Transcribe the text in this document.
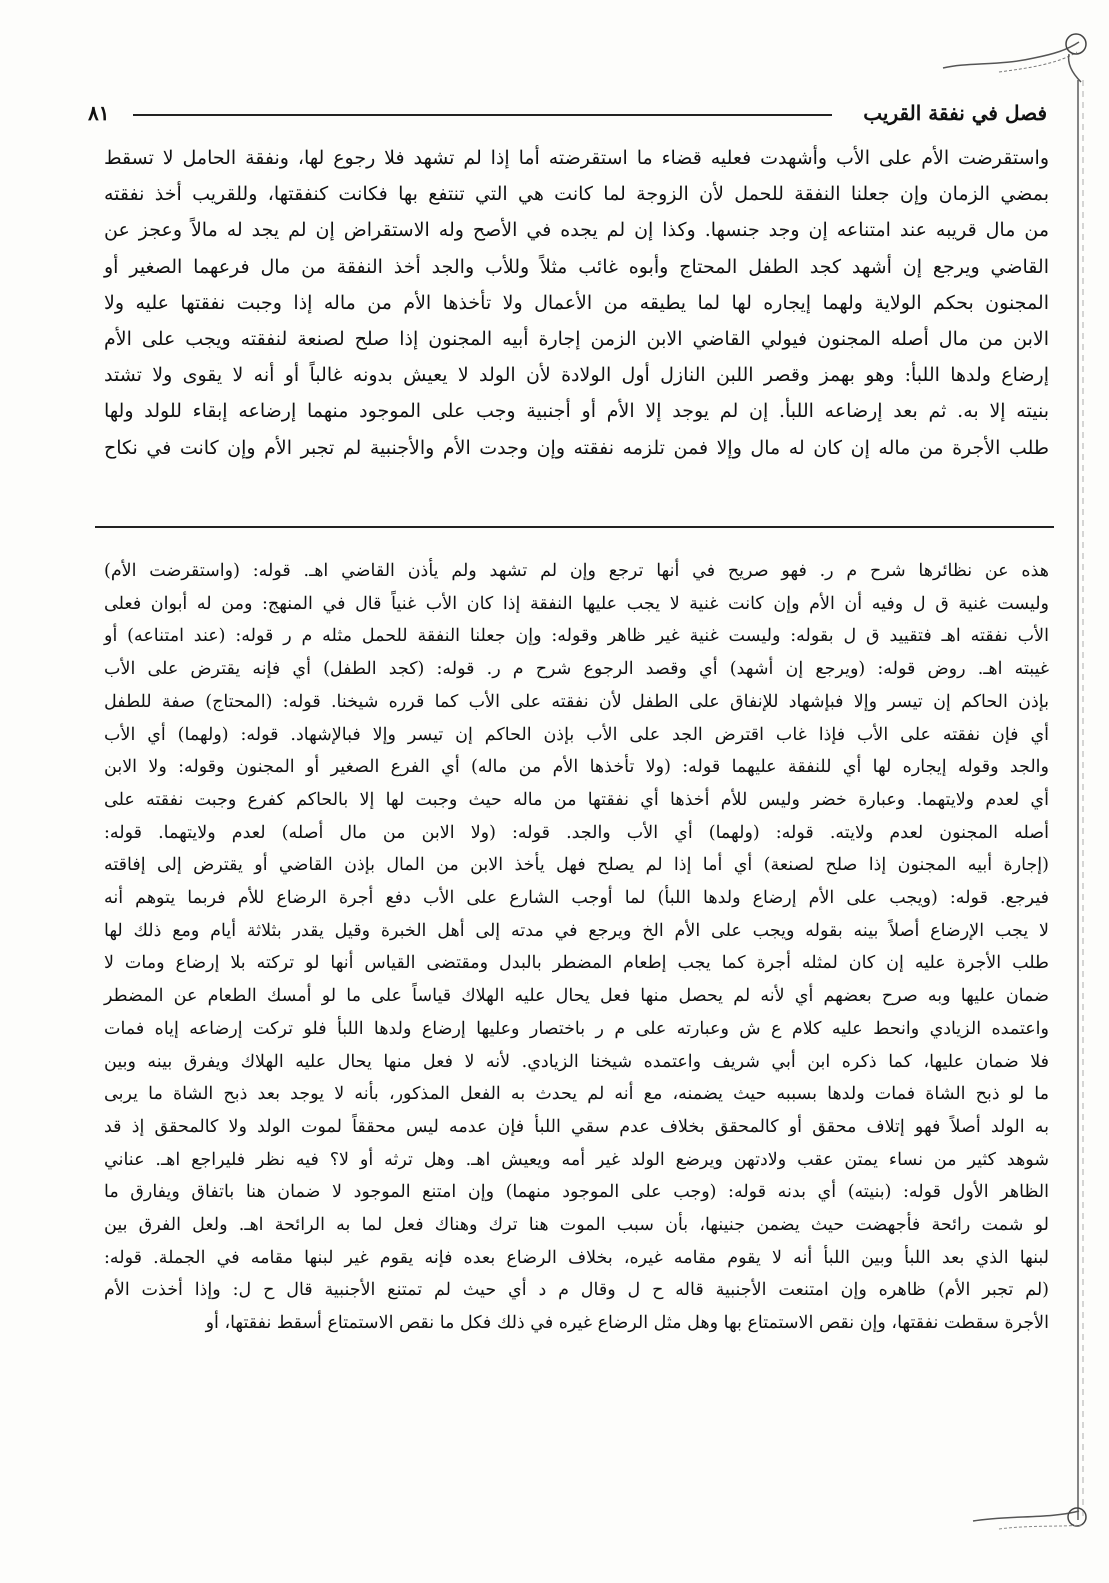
فصل في نفقة القريب
٨١

واستقرضت الأم على الأب وأشهدت فعليه قضاء ما استقرضته أما إذا لم تشهد فلا رجوع لها، ونفقة الحامل لا تسقط

بمضي الزمان وإن جعلنا النفقة للحمل لأن الزوجة لما كانت هي التي تنتفع بها فكانت كنفقتها، وللقريب أخذ نفقته

من مال قريبه عند امتناعه إن وجد جنسها. وكذا إن لم يجده في الأصح وله الاستقراض إن لم يجد له مالاً وعجز عن

القاضي ويرجع إن أشهد كجد الطفل المحتاج وأبوه غائب مثلاً وللأب والجد أخذ النفقة من مال فرعهما الصغير أو

المجنون بحكم الولاية ولهما إيجاره لها لما يطيقه من الأعمال ولا تأخذها الأم من ماله إذا وجبت نفقتها عليه ولا

الابن من مال أصله المجنون فيولي القاضي الابن الزمن إجارة أبيه المجنون إذا صلح لصنعة لنفقته ويجب على الأم

إرضاع ولدها اللبأ: وهو بهمز وقصر اللبن النازل أول الولادة لأن الولد لا يعيش بدونه غالباً أو أنه لا يقوى ولا تشتد

بنيته إلا به. ثم بعد إرضاعه اللبأ. إن لم يوجد إلا الأم أو أجنبية وجب على الموجود منهما إرضاعه إبقاء للولد ولها

طلب الأجرة من ماله إن كان له مال وإلا فمن تلزمه نفقته وإن وجدت الأم والأجنبية لم تجبر الأم وإن كانت في نكاح

هذه عن نظائرها شرح م ر. فهو صريح في أنها ترجع وإن لم تشهد ولم يأذن القاضي اهـ. قوله: (واستقرضت الأم)

وليست غنية ق ل وفيه أن الأم وإن كانت غنية لا يجب عليها النفقة إذا كان الأب غنياً قال في المنهج: ومن له أبوان فعلى

الأب نفقته اهـ فتقييد ق ل بقوله: وليست غنية غير ظاهر وقوله: وإن جعلنا النفقة للحمل مثله م ر قوله: (عند امتناعه) أو

غيبته اهـ. روض قوله: (ويرجع إن أشهد) أي وقصد الرجوع شرح م ر. قوله: (كجد الطفل) أي فإنه يقترض على الأب

بإذن الحاكم إن تيسر وإلا فبإشهاد للإنفاق على الطفل لأن نفقته على الأب كما قرره شيخنا. قوله: (المحتاج) صفة للطفل

أي فإن نفقته على الأب فإذا غاب اقترض الجد على الأب بإذن الحاكم إن تيسر وإلا فبالإشهاد. قوله: (ولهما) أي الأب

والجد وقوله إيجاره لها أي للنفقة عليهما قوله: (ولا تأخذها الأم من ماله) أي الفرع الصغير أو المجنون وقوله: ولا الابن

أي لعدم ولايتهما. وعبارة خضر وليس للأم أخذها أي نفقتها من ماله حيث وجبت لها إلا بالحاكم كفرع وجبت نفقته على

أصله المجنون لعدم ولايته. قوله: (ولهما) أي الأب والجد. قوله: (ولا الابن من مال أصله) لعدم ولايتهما. قوله:

(إجارة أبيه المجنون إذا صلح لصنعة) أي أما إذا لم يصلح فهل يأخذ الابن من المال بإذن القاضي أو يقترض إلى إفاقته

فيرجع. قوله: (ويجب على الأم إرضاع ولدها اللبأ) لما أوجب الشارع على الأب دفع أجرة الرضاع للأم فربما يتوهم أنه

لا يجب الإرضاع أصلاً بينه بقوله ويجب على الأم الخ ويرجع في مدته إلى أهل الخبرة وقيل يقدر بثلاثة أيام ومع ذلك لها

طلب الأجرة عليه إن كان لمثله أجرة كما يجب إطعام المضطر بالبدل ومقتضى القياس أنها لو تركته بلا إرضاع ومات لا

ضمان عليها وبه صرح بعضهم أي لأنه لم يحصل منها فعل يحال عليه الهلاك قياساً على ما لو أمسك الطعام عن المضطر

واعتمده الزيادي وانحط عليه كلام ع ش وعبارته على م ر باختصار وعليها إرضاع ولدها اللبأ فلو تركت إرضاعه إياه فمات

فلا ضمان عليها، كما ذكره ابن أبي شريف واعتمده شيخنا الزيادي. لأنه لا فعل منها يحال عليه الهلاك ويفرق بينه وبين

ما لو ذبح الشاة فمات ولدها بسببه حيث يضمنه، مع أنه لم يحدث به الفعل المذكور، بأنه لا يوجد بعد ذبح الشاة ما يربى

به الولد أصلاً فهو إتلاف محقق أو كالمحقق بخلاف عدم سقي اللبأ فإن عدمه ليس محققاً لموت الولد ولا كالمحقق إذ قد

شوهد كثير من نساء يمتن عقب ولادتهن ويرضع الولد غير أمه ويعيش اهـ. وهل ترثه أو لا؟ فيه نظر فليراجع اهـ. عناني

الظاهر الأول قوله: (بنيته) أي بدنه قوله: (وجب على الموجود منهما) وإن امتنع الموجود لا ضمان هنا باتفاق ويفارق ما

لو شمت رائحة فأجهضت حيث يضمن جنينها، بأن سبب الموت هنا ترك وهناك فعل لما به الرائحة اهـ. ولعل الفرق بين

لبنها الذي بعد اللبأ وبين اللبأ أنه لا يقوم مقامه غيره، بخلاف الرضاع بعده فإنه يقوم غير لبنها مقامه في الجملة. قوله:

(لم تجبر الأم) ظاهره وإن امتنعت الأجنبية قاله ح ل وقال م د أي حيث لم تمتنع الأجنبية قال ح ل: وإذا أخذت الأم

الأجرة سقطت نفقتها، وإن نقص الاستمتاع بها وهل مثل الرضاع غيره في ذلك فكل ما نقص الاستمتاع أسقط نفقتها، أو
